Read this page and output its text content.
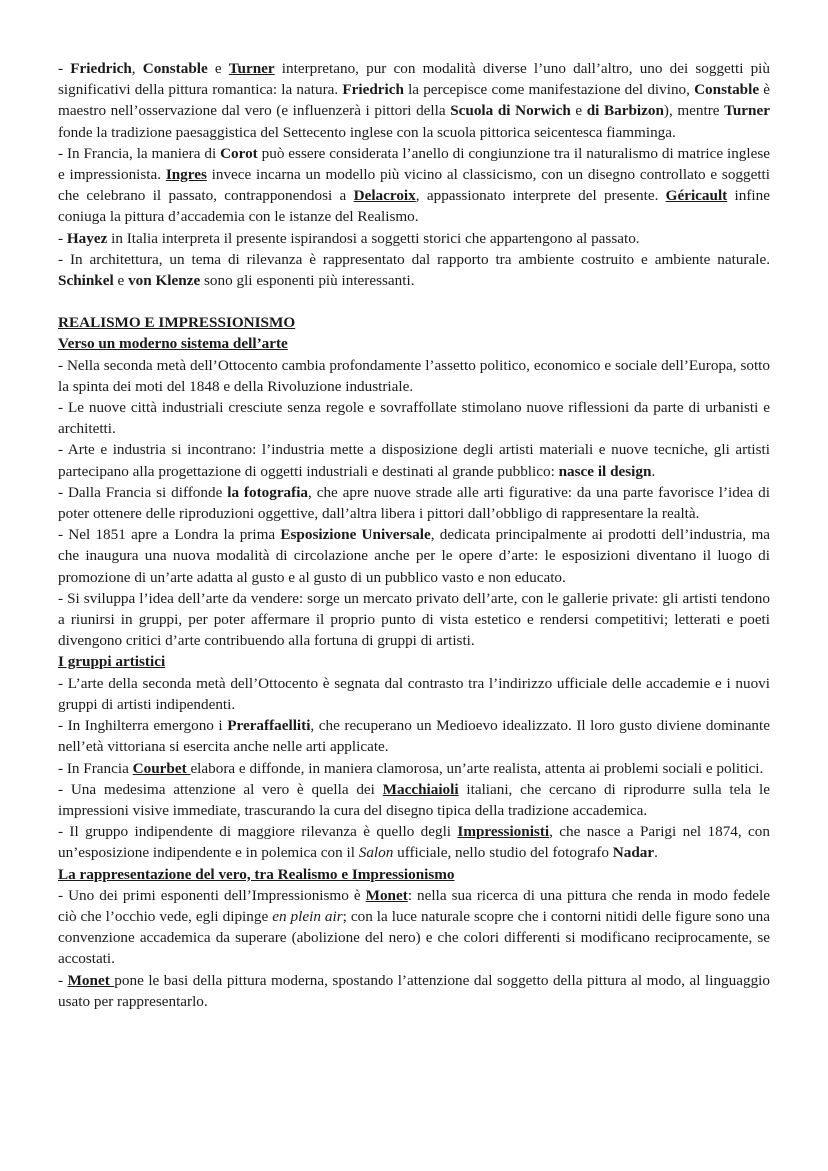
- Friedrich, Constable e Turner interpretano, pur con modalità diverse l’uno dall’altro, uno dei soggetti più significativi della pittura romantica: la natura. Friedrich la percepisce come manifestazione del divino, Constable è maestro nell’osservazione dal vero (e influenzerà i pittori della Scuola di Norwich e di Barbizon), mentre Turner fonde la tradizione paesaggistica del Settecento inglese con la scuola pittorica seicentesca fiamminga.

- In Francia, la maniera di Corot può essere considerata l’anello di congiunzione tra il naturalismo di matrice inglese e impressionista. Ingres invece incarna un modello più vicino al classicismo, con un disegno controllato e soggetti che celebrano il passato, contrapponendosi a Delacroix, appassionato interprete del presente. Géricault infine coniuga la pittura d’accademia con le istanze del Realismo.

- Hayez in Italia interpreta il presente ispirandosi a soggetti storici che appartengono al passato.

- In architettura, un tema di rilevanza è rappresentato dal rapporto tra ambiente costruito e ambiente naturale. Schinkel e von Klenze sono gli esponenti più interessanti.

REALISMO E IMPRESSIONISMO

Verso un moderno sistema dell’arte

- Nella seconda metà dell’Ottocento cambia profondamente l’assetto politico, economico e sociale dell’Europa, sotto la spinta dei moti del 1848 e della Rivoluzione industriale.

- Le nuove città industriali cresciute senza regole e sovraffollate stimolano nuove riflessioni da parte di urbanisti e architetti.

- Arte e industria si incontrano: l’industria mette a disposizione degli artisti materiali e nuove tecniche, gli artisti partecipano alla progettazione di oggetti industriali e destinati al grande pubblico: nasce il design.

- Dalla Francia si diffonde la fotografia, che apre nuove strade alle arti figurative: da una parte favorisce l’idea di poter ottenere delle riproduzioni oggettive, dall’altra libera i pittori dall’obbligo di rappresentare la realtà.

- Nel 1851 apre a Londra la prima Esposizione Universale, dedicata principalmente ai prodotti dell’industria, ma che inaugura una nuova modalità di circolazione anche per le opere d’arte: le esposizioni diventano il luogo di promozione di un’arte adatta al gusto e al gusto di un pubblico vasto e non educato.

- Si sviluppa l’idea dell’arte da vendere: sorge un mercato privato dell’arte, con le gallerie private: gli artisti tendono a riunirsi in gruppi, per poter affermare il proprio punto di vista estetico e rendersi competitivi; letterati e poeti divengono critici d’arte contribuendo alla fortuna di gruppi di artisti.

I gruppi artistici

- L’arte della seconda metà dell’Ottocento è segnata dal contrasto tra l’indirizzo ufficiale delle accademie e i nuovi gruppi di artisti indipendenti.

- In Inghilterra emergono i Preraffaelliti, che recuperano un Medioevo idealizzato. Il loro gusto diviene dominante nell’età vittoriana si esercita anche nelle arti applicate.

- In Francia Courbet elabora e diffonde, in maniera clamorosa, un’arte realista, attenta ai problemi sociali e politici.

- Una medesima attenzione al vero è quella dei Macchiaioli italiani, che cercano di riprodurre sulla tela le impressioni visive immediate, trascurando la cura del disegno tipica della tradizione accademica.

- Il gruppo indipendente di maggiore rilevanza è quello degli Impressionisti, che nasce a Parigi nel 1874, con un’esposizione indipendente e in polemica con il Salon ufficiale, nello studio del fotografo Nadar.

La rappresentazione del vero, tra Realismo e Impressionismo

- Uno dei primi esponenti dell’Impressionismo è Monet: nella sua ricerca di una pittura che renda in modo fedele ciò che l’occhio vede, egli dipinge en plein air; con la luce naturale scopre che i contorni nitidi delle figure sono una convenzione accademica da superare (abolizione del nero) e che colori differenti si modificano reciprocamente, se accostati.

- Monet pone le basi della pittura moderna, spostando l’attenzione dal soggetto della pittura al modo, al linguaggio usato per rappresentarlo.
